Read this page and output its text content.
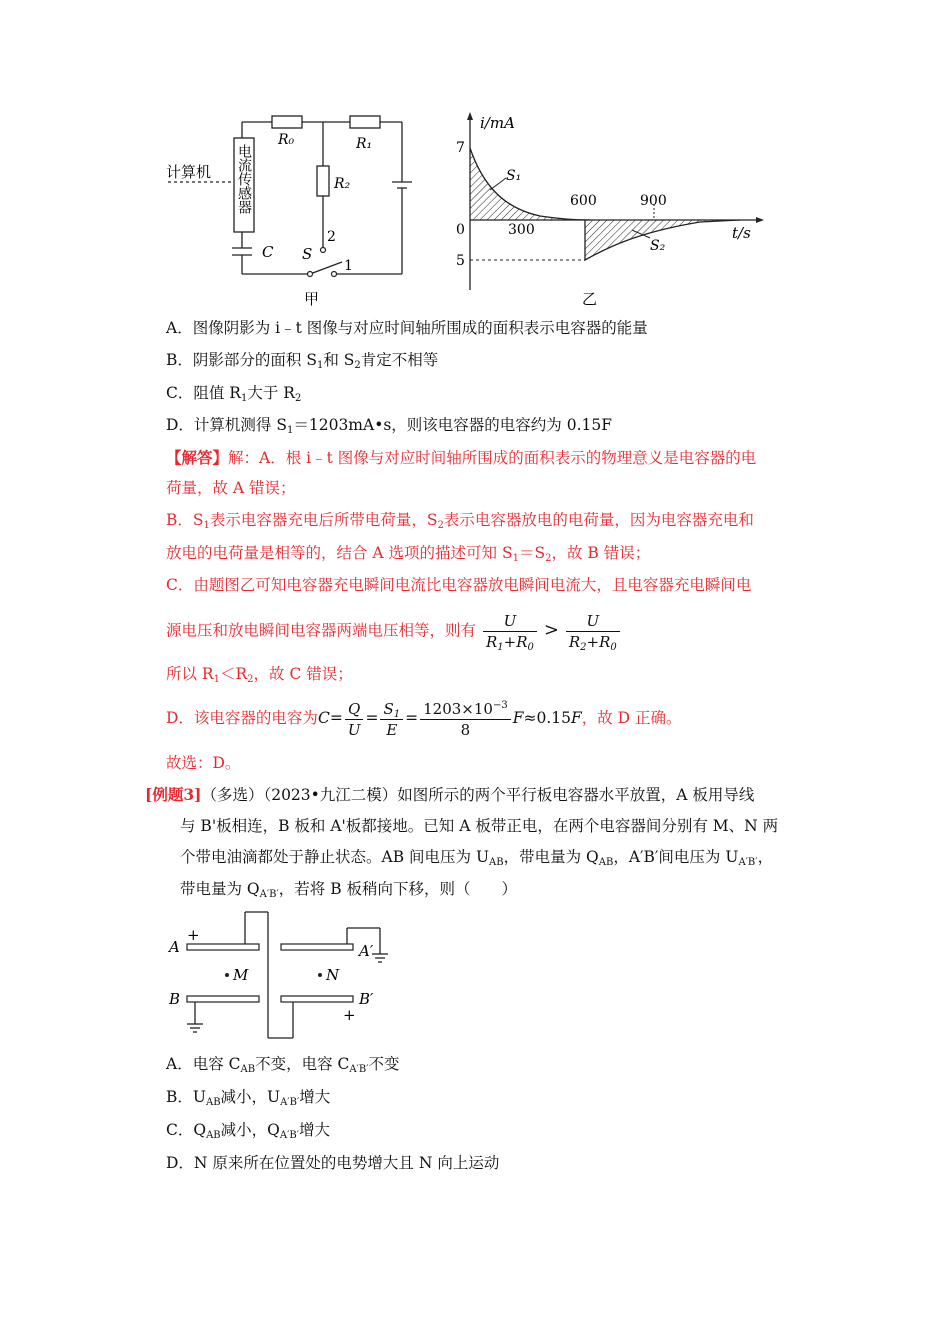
计算机 电流传感器
C
R₀	R₁
R₂
S
2
1
甲
i/mA
t/s
7
5
0	300
600	900
S₁
S₂
乙
A．图像阴影为 i﹣t 图像与对应时间轴所围成的面积表示电容器的能量
B．阴影部分的面积 $S_1$和 $S_2$肯定不相等
C．阻值 $R_1$大于 $R_2$
D．计算机测得 $S_1=1203mA•s$，则该电容器的电容约为 0.15F
【解答】解：A．根 i﹣t 图像与对应时间轴所围成的面积表示的物理意义是电容器的电
荷量，故 A 错误；
B．$S_1$表示电容器充电后所带电荷量，$S_2$表示电容器放电的电荷量，因为电容器充电和
放电的电荷量是相等的，结合 A 选项的描述可知 $S_1=S_2$，故 B 错误；
C．由题图乙可知电容器充电瞬间电流比电容器放电瞬间电流大，且电容器充电瞬间电
源电压和放电瞬间电容器两端电压相等，则有 $\frac{U}{R_1+R_0} > \frac{U}{R_2+R_0}$
所以 $R_1<R_2$，故 C 错误；
D．该电容器的电容为$C= \frac{Q}{U} = \frac{S_1}{E} = \frac{1203\times 10^{-3}}{8} F\approx 0.15F$，故 D 正确。
故选：D。
[例题3]（多选）（2023•九江二模）如图所示的两个平行板电容器水平放置，A 板用导线
与 B'板相连，B 板和 A'板都接地。已知 A 板带正电，在两个电容器间分别有 M、N 两
个带电油滴都处于静止状态。AB 间电压为 $U_{AB}$，带电量为 $Q_{AB}$，A′B′间电压为 $U_{A'B'}$，
带电量为 $Q_{A'B'}$，若将 B 板稍向下移，则（　　）
A
+
A′
B	B′
+
M	N
A．电容 $C_{AB}$不变，电容 $C_{A'B'}$不变
B．$U_{AB}$减小，$U_{A'B'}$增大
C．$Q_{AB}$减小，$Q_{A'B'}$增大
D．N 原来所在位置处的电势增大且 N 向上运动
